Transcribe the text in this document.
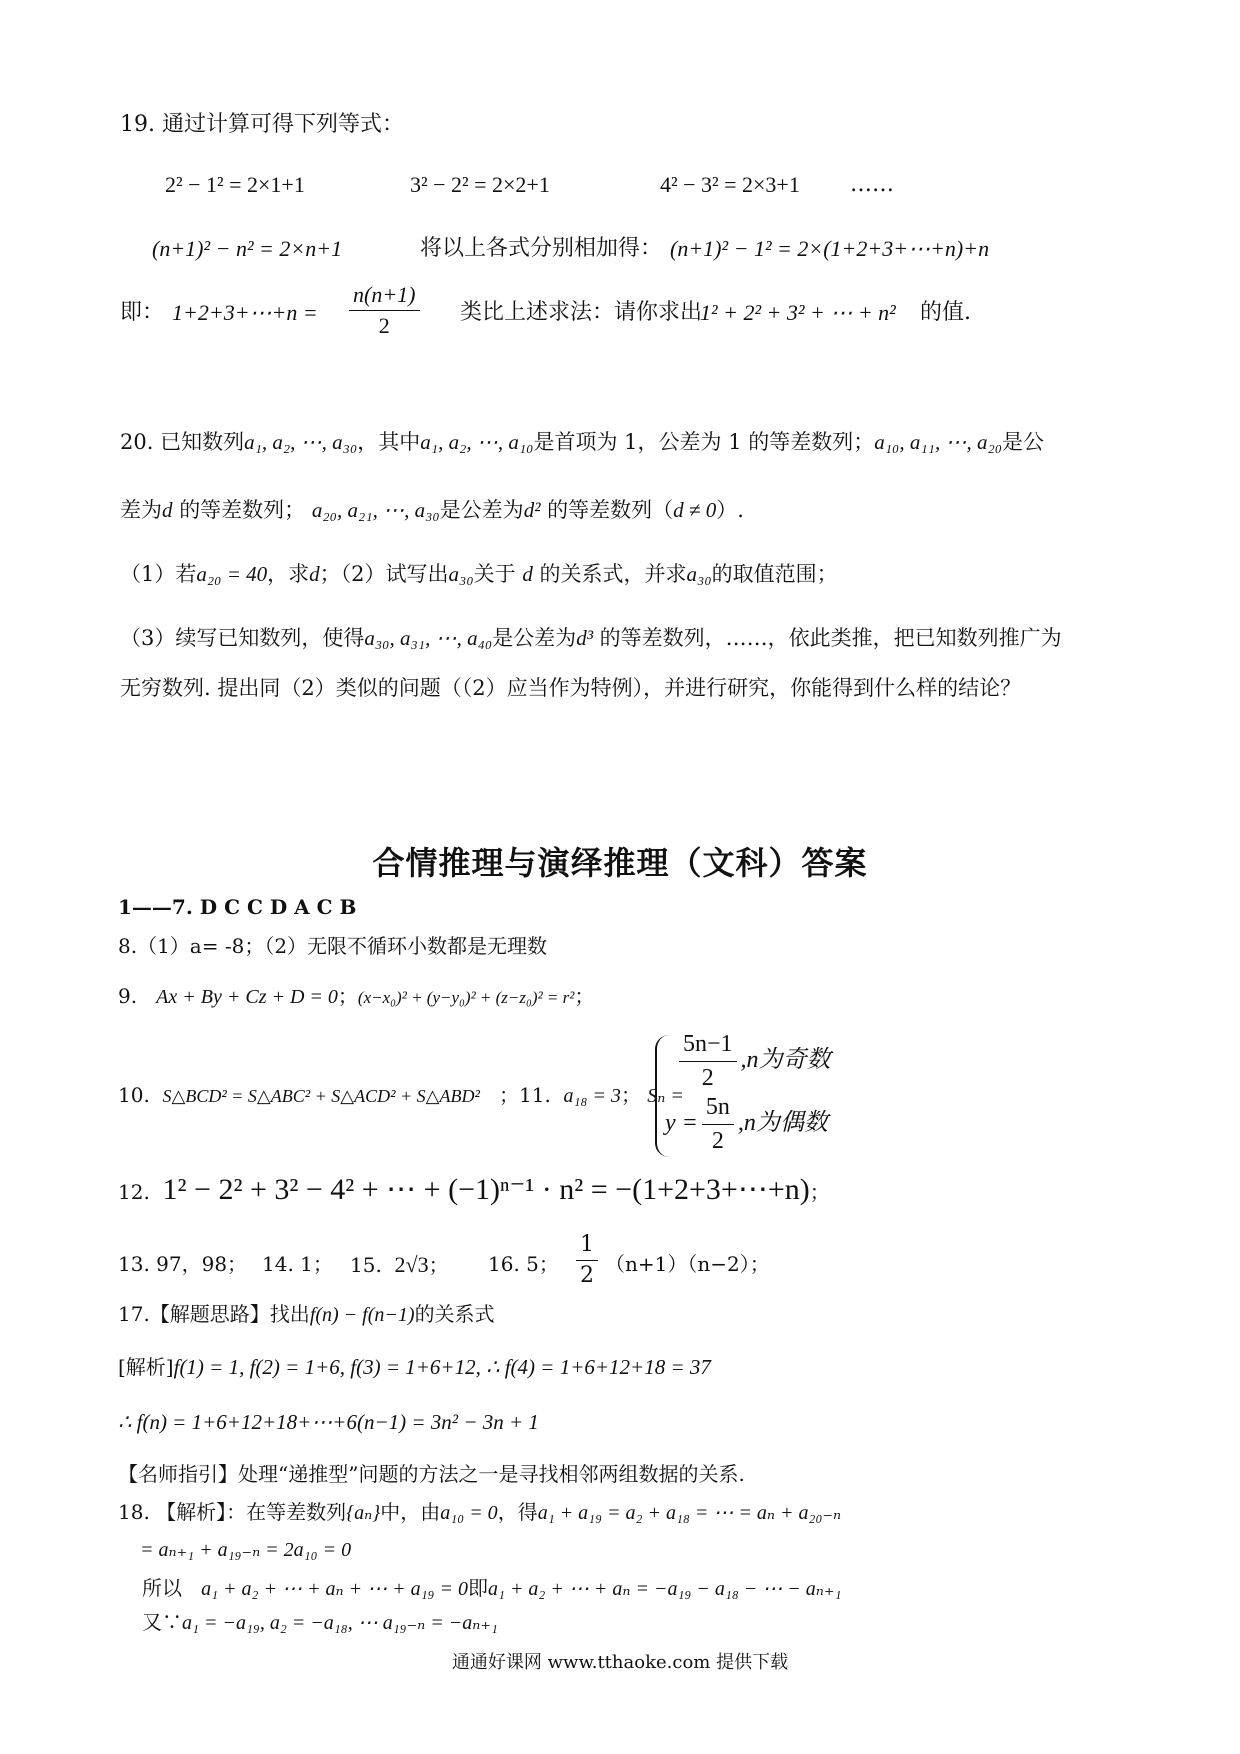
19. 通过计算可得下列等式：
2² − 1² = 2×1+1	3² − 2² = 2×2+1	4² − 3² = 2×3+1 ……
(n+1)² − n² = 2×n+1	将以上各式分别相加得： (n+1)² − 1² = 2×(1+2+3+⋯+n)+n
即： 1+2+3+⋯+n = $\frac{n(n+1)}{2}$ 类比上述求法：请你求出
1² + 2² + 3² + ⋯ + n² 的值.
20. 已知数列a₁, a₂, ⋯, a₃₀，其中a₁, a₂, ⋯, a₁₀是首项为 1，公差为 1 的等差数列；a₁₀, a₁₁, ⋯, a₂₀是公
差为d 的等差数列； a₂₀, a₂₁, ⋯, a₃₀是公差为d² 的等差数列（d ≠ 0）.
（1）若a₂₀ = 40，求d；（2）试写出a₃₀关于 d 的关系式，并求a₃₀的取值范围；
（3）续写已知数列，使得a₃₀, a₃₁, ⋯, a₄₀是公差为d³ 的等差数列，……，依此类推，把已知数列推广为
无穷数列. 提出同（2）类似的问题（（2）应当作为特例），并进行研究，你能得到什么样的结论？
合情推理与演绎推理（文科）答案
1——7. D C C D A C B
8.（1）a= -8；（2）无限不循环小数都是无理数
9. Ax + By + Cz + D = 0；(x−x₀)² + (y−y₀)² + (z−z₀)² = r²；
10. S△BCD² = S△ABC² + S△ACD² + S△ABD² ；11. a₁₈ = 3； Sₙ =
$\frac{5n-1}{2} ,n$为奇数
$y = \frac{5n}{2} ,n$为偶数
12. 1² − 2² + 3² − 4² + ⋯ + (−1)ⁿ⁻¹ · n² = −(1+2+3+⋯+n)；
13. 97，98； 14. 1； 15. 2√3； 16. 5； $\frac{1}{2} (n+1)(n-2)$；
17.【解题思路】找出f(n) − f(n−1)的关系式
[解析]f(1) = 1, f(2) = 1+6, f(3) = 1+6+12, ∴ f(4) = 1+6+12+18 = 37
∴ f(n) = 1+6+12+18+⋯+6(n−1) = 3n² − 3n + 1
【名师指引】处理“递推型”问题的方法之一是寻找相邻两组数据的关系.
18. 【解析】：在等差数列{aₙ}中，由a₁₀ = 0，得a₁ + a₁₉ = a₂ + a₁₈ = ⋯ = aₙ + a₂₀₋ₙ
= aₙ₊₁ + a₁₉₋ₙ = 2a₁₀ = 0
所以 a₁ + a₂ + ⋯ + aₙ + ⋯ + a₁₉ = 0即a₁ + a₂ + ⋯ + aₙ = −a₁₉ − a₁₈ − ⋯ − aₙ₊₁
又∵a₁ = −a₁₉, a₂ = −a₁₈, ⋯ a₁₉₋ₙ = −aₙ₊₁
通通好课网 www.tthaoke.com 提供下载
